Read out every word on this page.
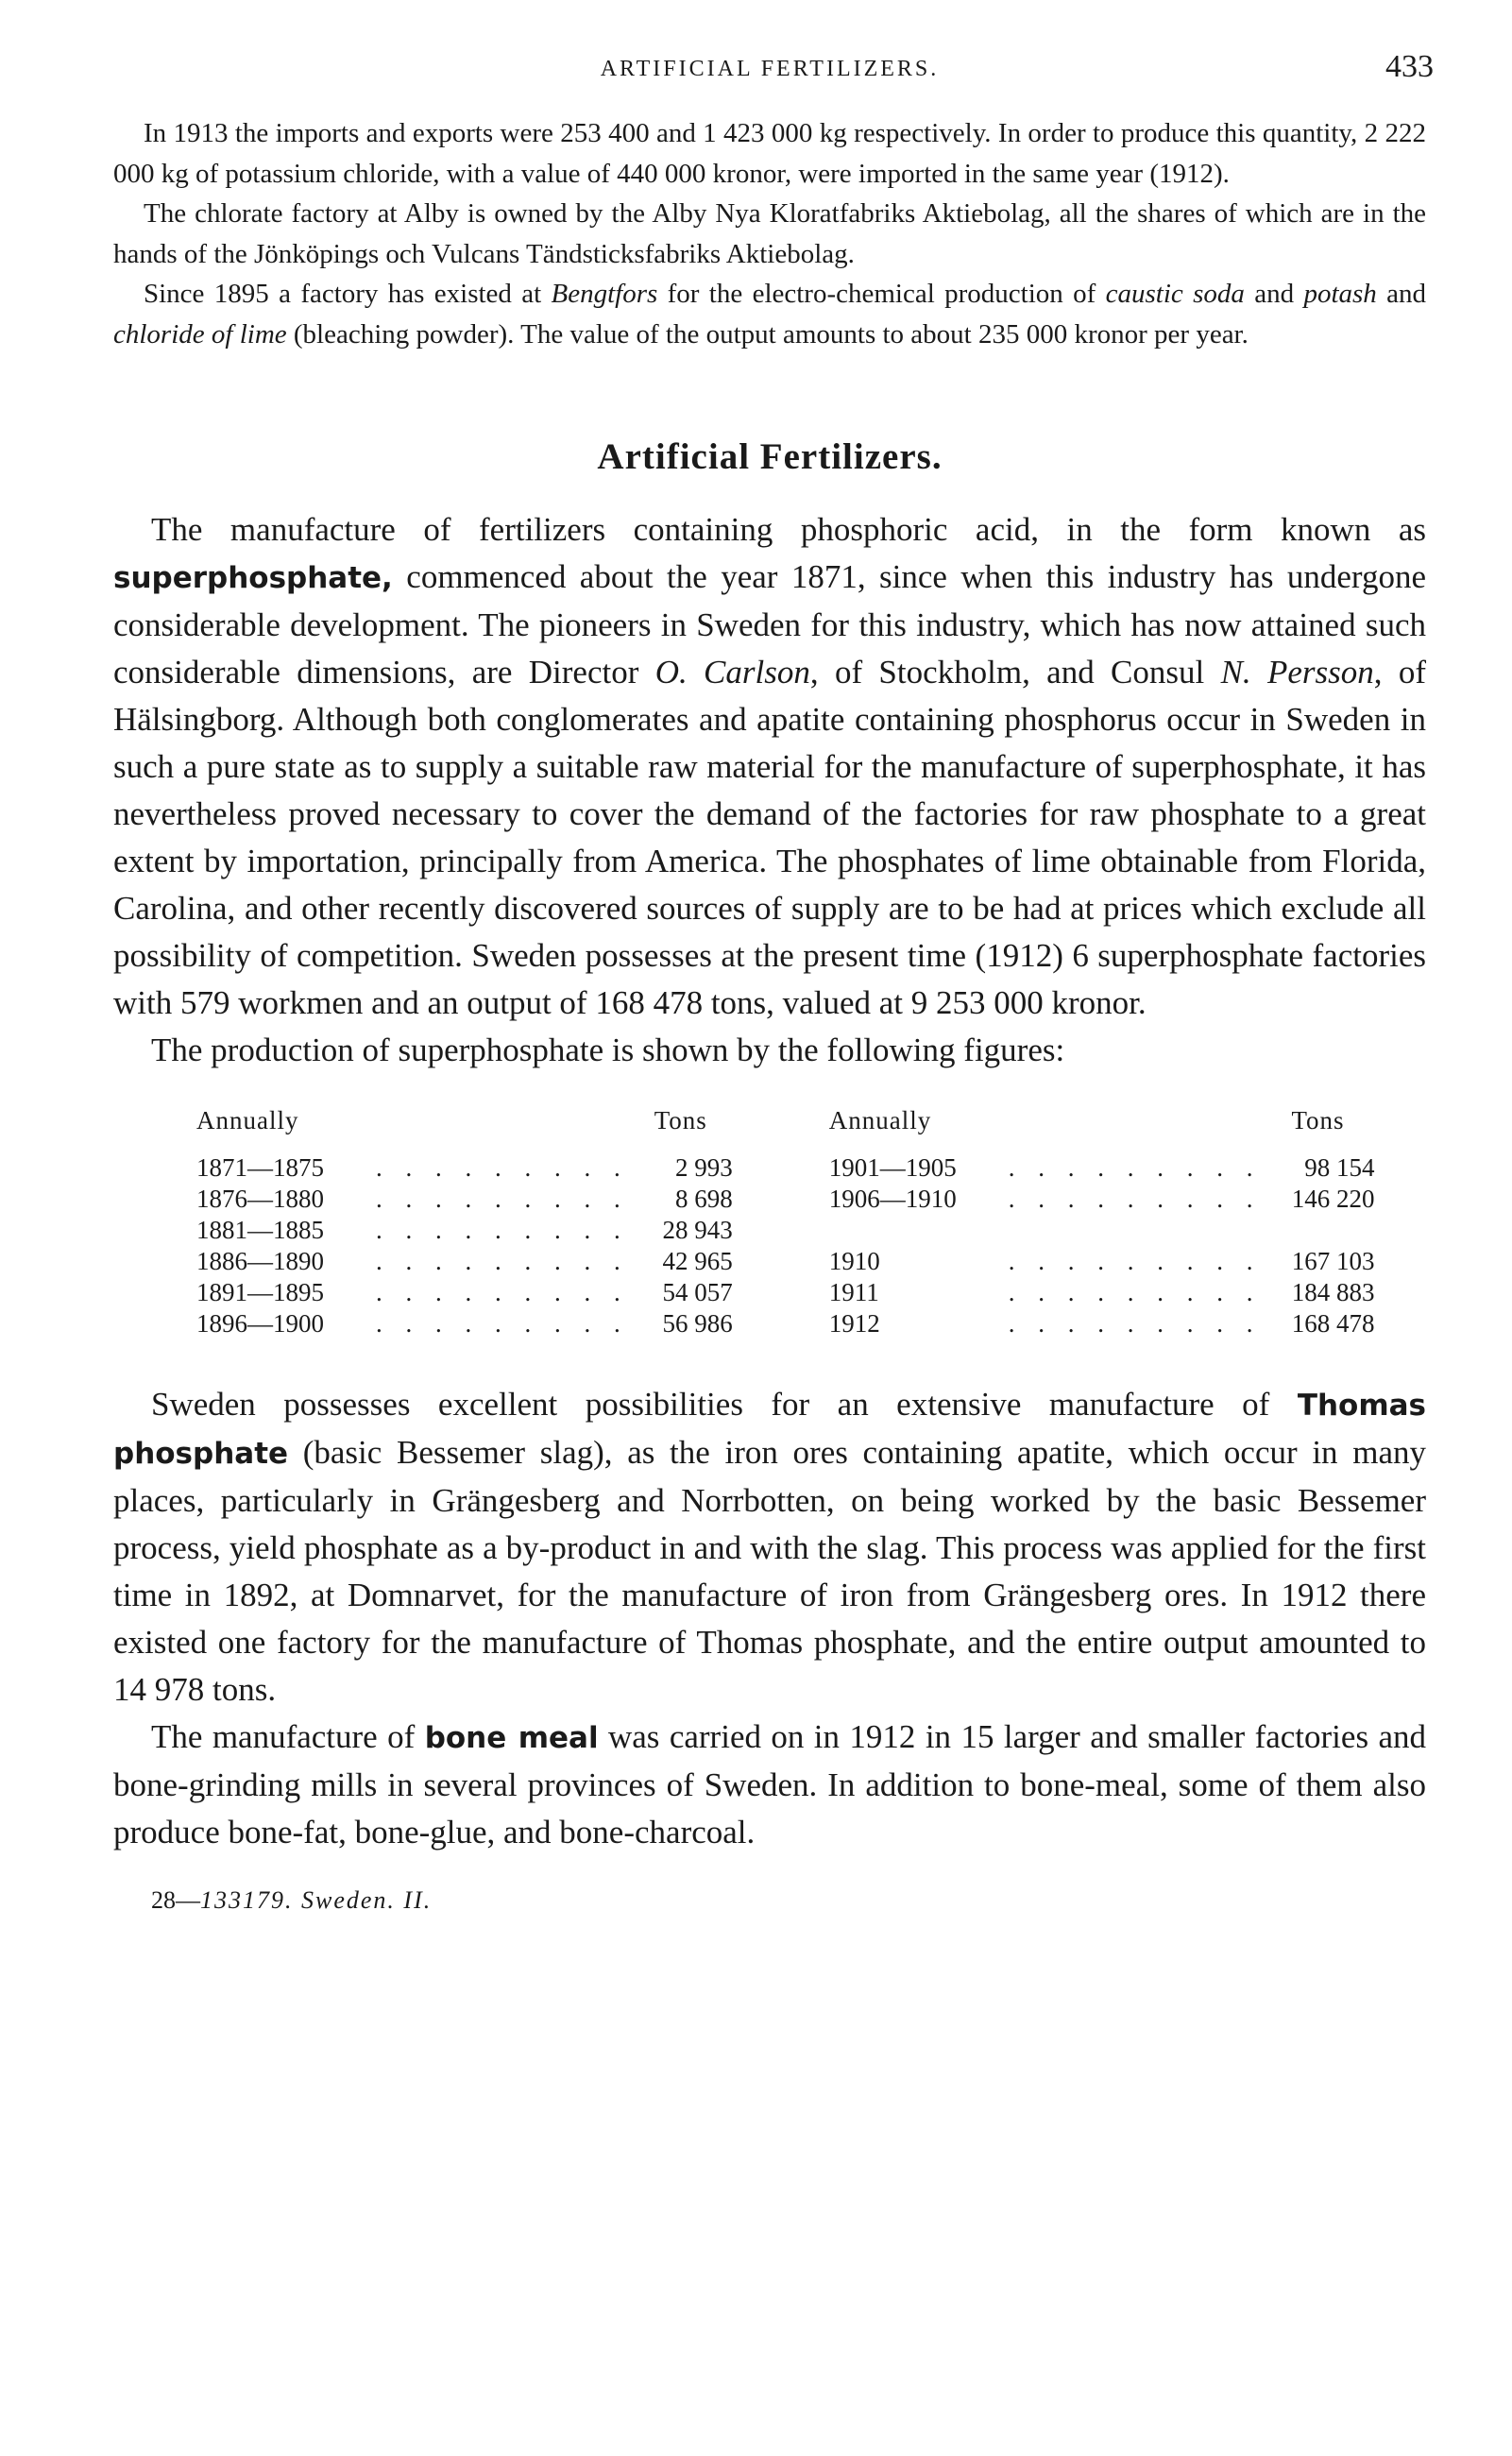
ARTIFICIAL FERTILIZERS.	433

In 1913 the imports and exports were 253 400 and 1 423 000 kg respectively. In order to produce this quantity, 2 222 000 kg of potassium chloride, with a value of 440 000 kronor, were imported in the same year (1912).

The chlorate factory at Alby is owned by the Alby Nya Kloratfabriks Aktiebolag, all the shares of which are in the hands of the Jönköpings och Vulcans Tändsticksfabriks Aktiebolag.

Since 1895 a factory has existed at Bengtfors for the electro-chemical production of caustic soda and potash and chloride of lime (bleaching powder). The value of the output amounts to about 235 000 kronor per year.

Artificial Fertilizers.

The manufacture of fertilizers containing phosphoric acid, in the form known as superphosphate, commenced about the year 1871, since when this industry has undergone considerable development. The pioneers in Sweden for this industry, which has now attained such considerable dimensions, are Director O. Carlson, of Stockholm, and Consul N. Persson, of Hälsingborg. Although both conglomerates and apatite containing phosphorus occur in Sweden in such a pure state as to supply a suitable raw material for the manufacture of superphosphate, it has nevertheless proved necessary to cover the demand of the factories for raw phosphate to a great extent by importation, principally from America. The phosphates of lime obtainable from Florida, Carolina, and other recently discovered sources of supply are to be had at prices which exclude all possibility of competition. Sweden possesses at the present time (1912) 6 superphosphate factories with 579 workmen and an output of 168 478 tons, valued at 9 253 000 kronor.

The production of superphosphate is shown by the following figures:

Annually		Tons		Annually		Tons
1871—1875	. . . . . . . . .	2 993		1901—1905	. . . . . . . . .	98 154
1876—1880	. . . . . . . . .	8 698		1906—1910	. . . . . . . . .	146 220
1881—1885	. . . . . . . . .	28 943				
1886—1890	. . . . . . . . .	42 965		1910	. . . . . . . . .	167 103
1891—1895	. . . . . . . . .	54 057		1911	. . . . . . . . .	184 883
1896—1900	. . . . . . . . .	56 986		1912	. . . . . . . . .	168 478

Sweden possesses excellent possibilities for an extensive manufacture of Thomas phosphate (basic Bessemer slag), as the iron ores containing apatite, which occur in many places, particularly in Grängesberg and Norrbotten, on being worked by the basic Bessemer process, yield phosphate as a by-product in and with the slag. This process was applied for the first time in 1892, at Domnarvet, for the manufacture of iron from Grängesberg ores. In 1912 there existed one factory for the manufacture of Thomas phosphate, and the entire output amounted to 14 978 tons.

The manufacture of bone meal was carried on in 1912 in 15 larger and smaller factories and bone-grinding mills in several provinces of Sweden. In addition to bone-meal, some of them also produce bone-fat, bone-glue, and bone-charcoal.

28—133179. Sweden. II.
